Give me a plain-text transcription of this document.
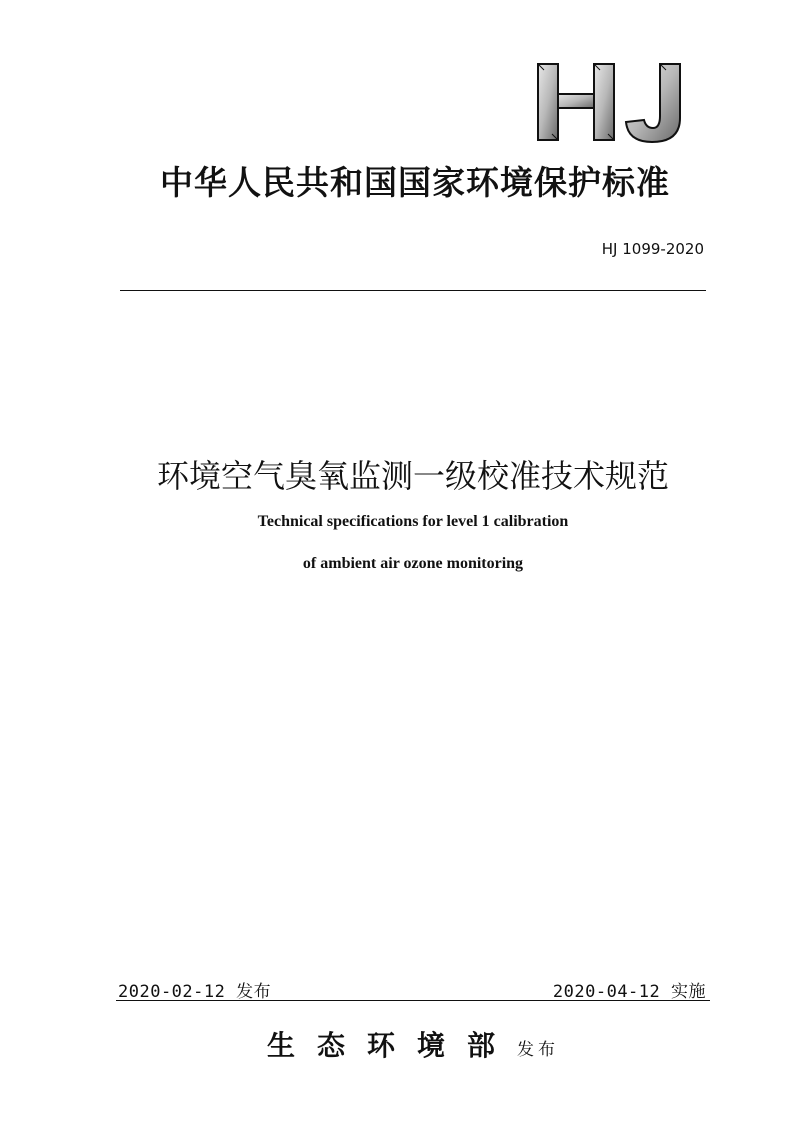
中华人民共和国国家环境保护标准
HJ 1099-2020
环境空气臭氧监测一级校准技术规范
Technical specifications for level 1 calibration
of ambient air ozone monitoring
2020-02-12 发布	2020-04-12 实施
生态环境部发布
